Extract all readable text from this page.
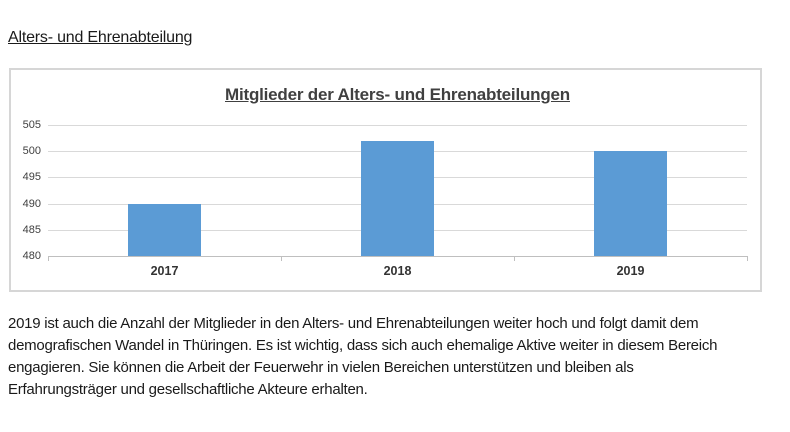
Alters- und Ehrenabteilung
Mitglieder der Alters- und Ehrenabteilungen
505
500
495
490
485
480
2017	2018	2019
2019 ist auch die Anzahl der Mitglieder in den Alters- und Ehrenabteilungen weiter hoch und folgt damit dem
demografischen Wandel in Thüringen. Es ist wichtig, dass sich auch ehemalige Aktive weiter in diesem Bereich
engagieren. Sie können die Arbeit der Feuerwehr in vielen Bereichen unterstützen und bleiben als
Erfahrungsträger und gesellschaftliche Akteure erhalten.
